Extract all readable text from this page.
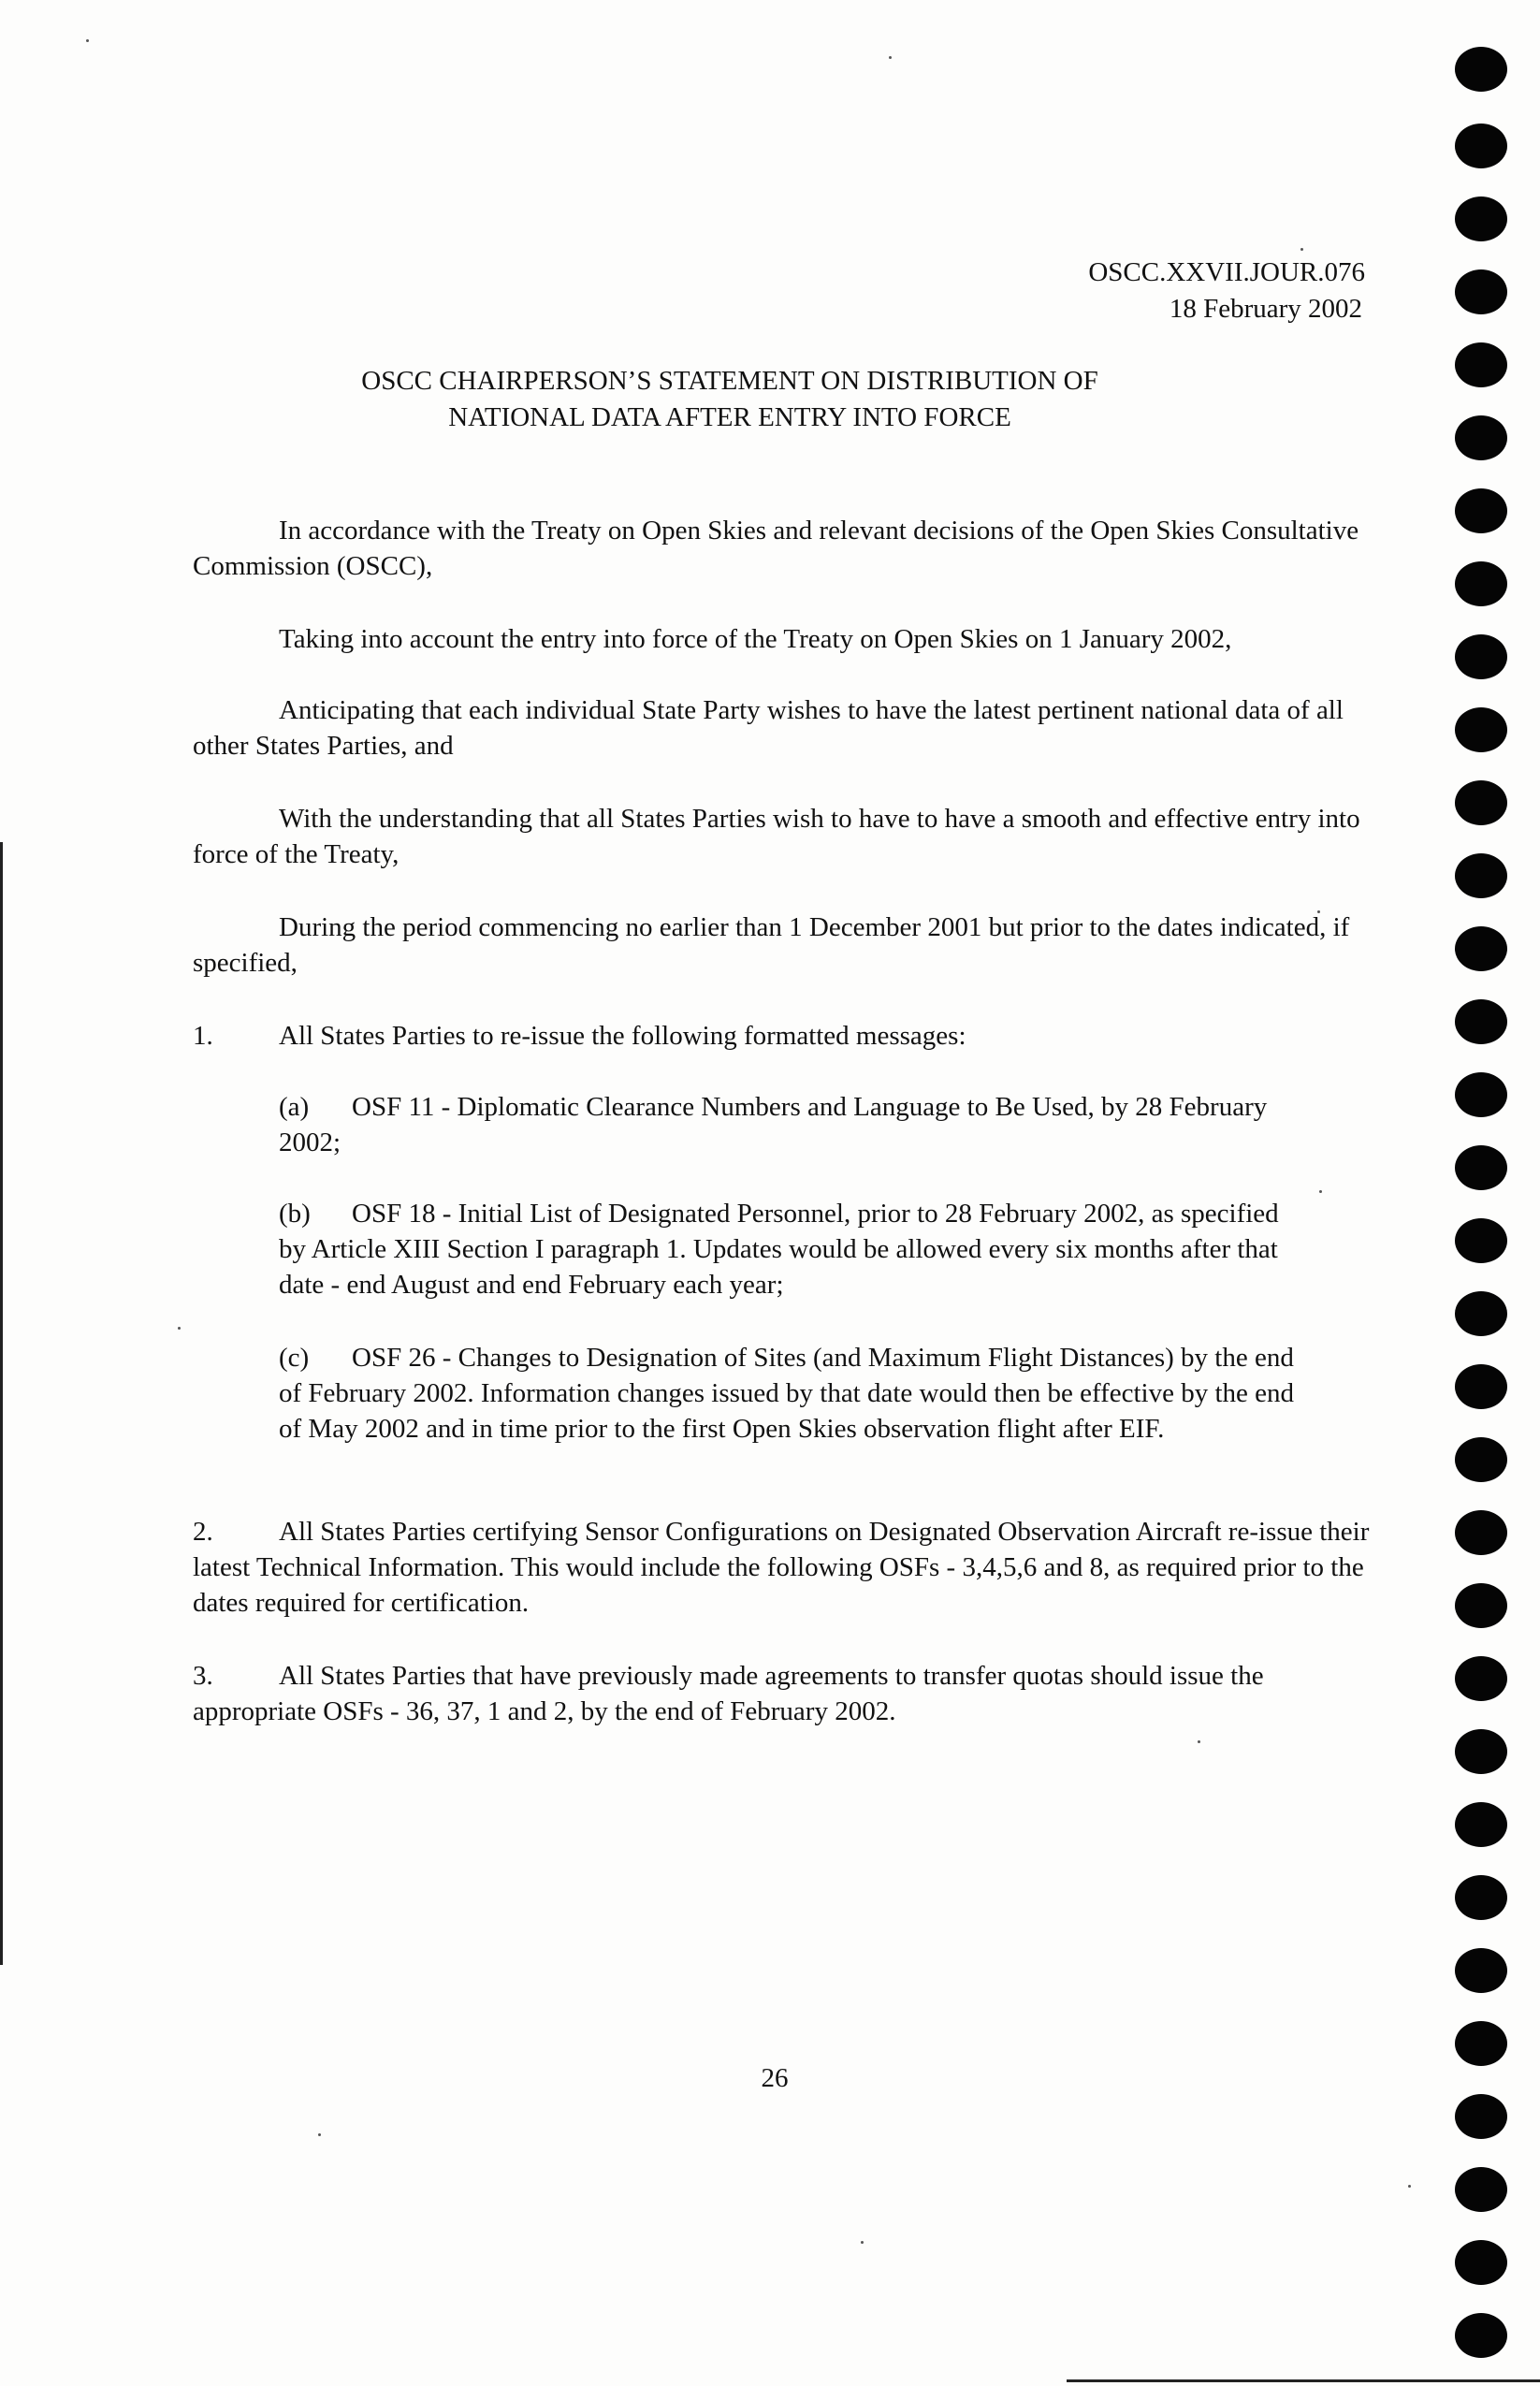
OSCC.XXVII.JOUR.076
18 February 2002
OSCC CHAIRPERSON’S STATEMENT ON DISTRIBUTION OF
NATIONAL DATA AFTER ENTRY INTO FORCE
In accordance with the Treaty on Open Skies and relevant decisions of the Open Skies Consultative Commission (OSCC),
Taking into account the entry into force of the Treaty on Open Skies on 1 January 2002,
Anticipating that each individual State Party wishes to have the latest pertinent national data of all other States Parties, and
With the understanding that all States Parties wish to have to have a smooth and effective entry into force of the Treaty,
During the period commencing no earlier than 1 December 2001 but prior to the dates indicated, if specified,
1. All States Parties to re-issue the following formatted messages:
(a)	OSF 11 - Diplomatic Clearance Numbers and Language to Be Used, by 28 February 2002;
(b)	OSF 18 - Initial List of Designated Personnel, prior to 28 February 2002, as specified by Article XIII Section I paragraph 1. Updates would be allowed every six months after that date - end August and end February each year;
(c)	OSF 26 - Changes to Designation of Sites (and Maximum Flight Distances) by the end of February 2002. Information changes issued by that date would then be effective by the end of May 2002 and in time prior to the first Open Skies observation flight after EIF.
2. All States Parties certifying Sensor Configurations on Designated Observation Aircraft re-issue their latest Technical Information. This would include the following OSFs - 3,4,5,6 and 8, as required prior to the dates required for certification.
3. All States Parties that have previously made agreements to transfer quotas should issue the appropriate OSFs - 36, 37, 1 and 2, by the end of February 2002.
26
